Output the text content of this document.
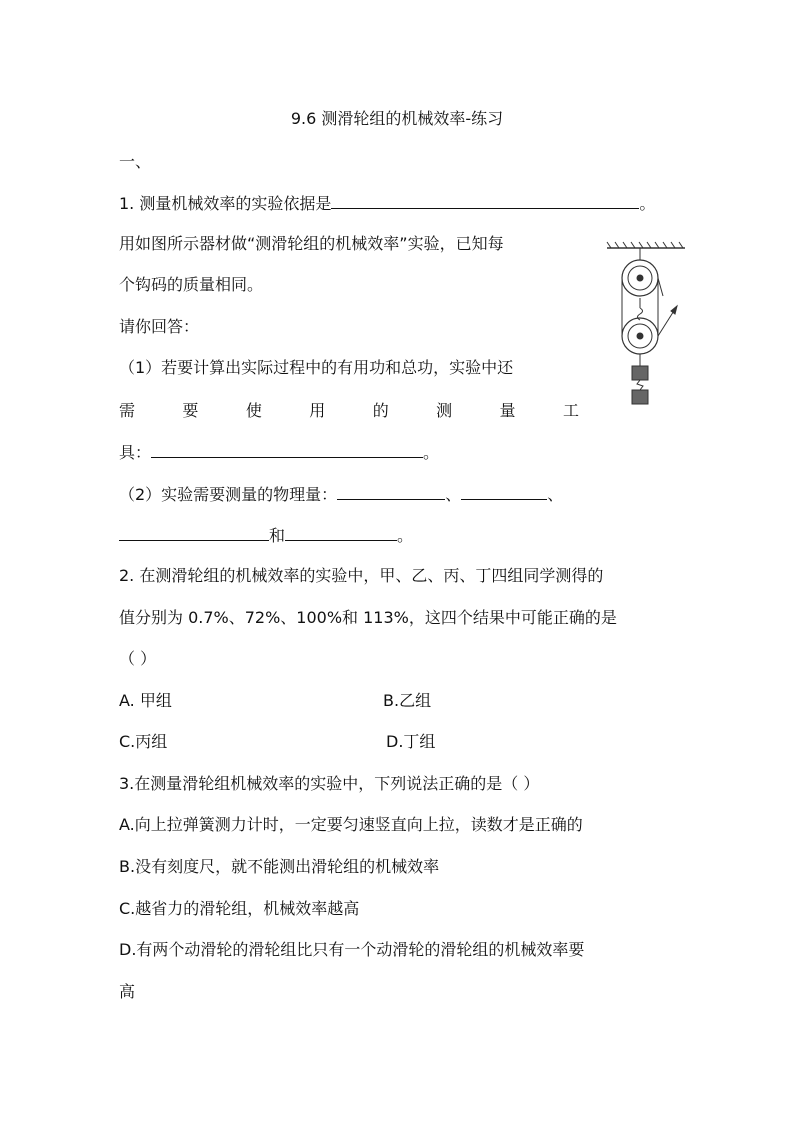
9.6 测滑轮组的机械效率-练习
一、
1. 测量机械效率的实验依据是	。
用如图所示器材做“测滑轮组的机械效率”实验，已知每
个钩码的质量相同。
请你回答：
（1）若要计算出实际过程中的有用功和总功，实验中还
需	要	使	用	的	测	量	工
具：	。
（2）实验需要测量的物理量：	、	、
和	。
2. 在测滑轮组的机械效率的实验中，甲、乙、丙、丁四组同学测得的
值分别为 0.7%、72%、100%和 113%，这四个结果中可能正确的是
（ ）
A. 甲组	B.乙组
C.丙组	D.丁组
3.在测量滑轮组机械效率的实验中，下列说法正确的是（ ）
A.向上拉弹簧测力计时，一定要匀速竖直向上拉，读数才是正确的
B.没有刻度尺，就不能测出滑轮组的机械效率
C.越省力的滑轮组，机械效率越高
D.有两个动滑轮的滑轮组比只有一个动滑轮的滑轮组的机械效率要
高
